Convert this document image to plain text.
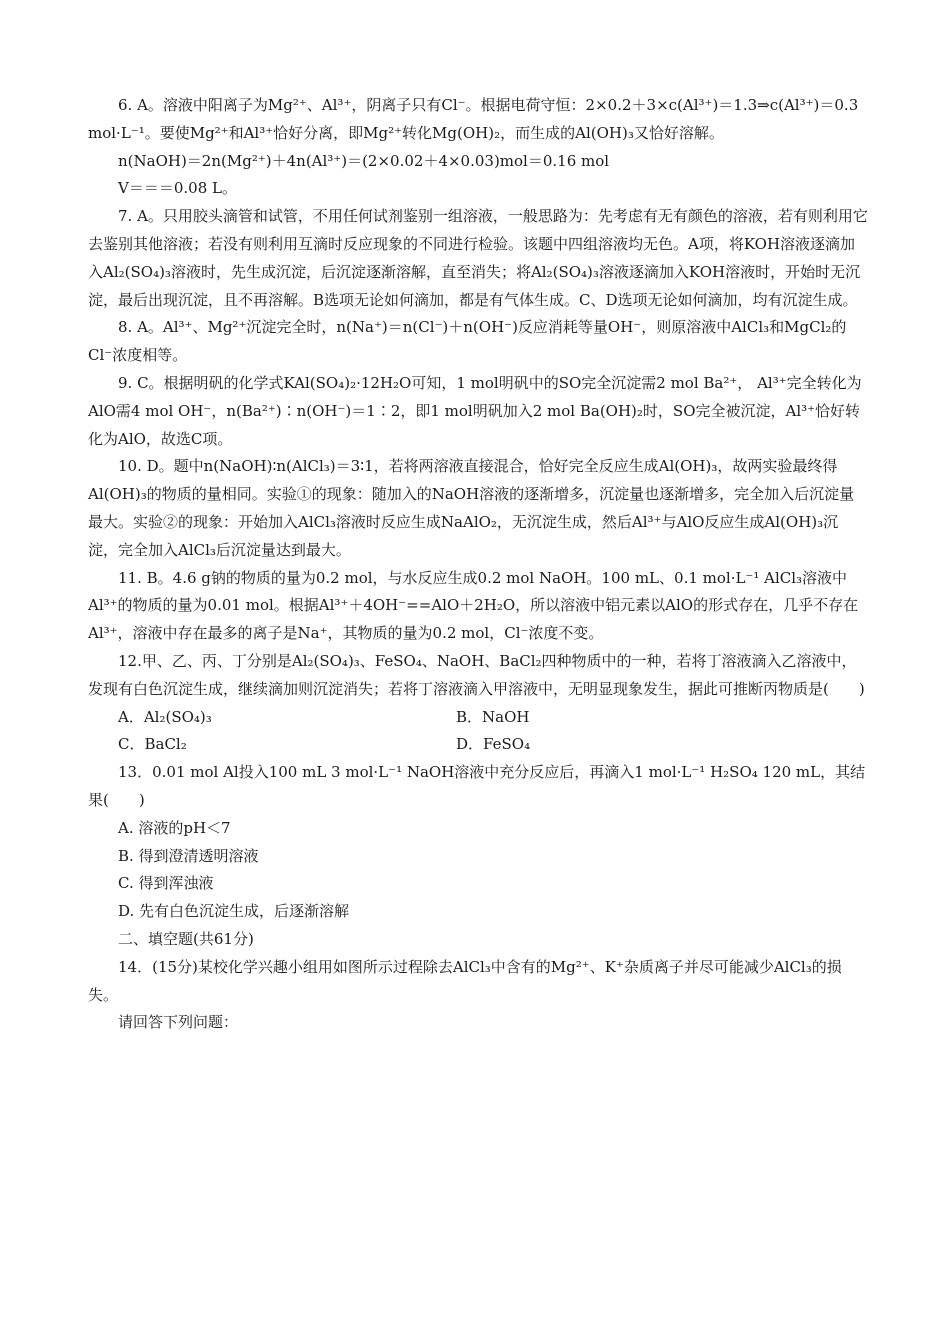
6. A。溶液中阳离子为Mg²⁺、Al³⁺，阴离子只有Cl⁻。根据电荷守恒：2×0.2＋3×c(Al³⁺)＝1.3⇒c(Al³⁺)＝0.3 mol·L⁻¹。要使Mg²⁺和Al³⁺恰好分离，即Mg²⁺转化Mg(OH)₂，而生成的Al(OH)₃又恰好溶解。

n(NaOH)＝2n(Mg²⁺)＋4n(Al³⁺)＝(2×0.02＋4×0.03)mol＝0.16 mol

V＝＝＝0.08 L。

7. A。只用胶头滴管和试管，不用任何试剂鉴别一组溶液，一般思路为：先考虑有无有颜色的溶液，若有则利用它去鉴别其他溶液；若没有则利用互滴时反应现象的不同进行检验。该题中四组溶液均无色。A项，将KOH溶液逐滴加入Al₂(SO₄)₃溶液时，先生成沉淀，后沉淀逐渐溶解，直至消失；将Al₂(SO₄)₃溶液逐滴加入KOH溶液时，开始时无沉淀，最后出现沉淀，且不再溶解。B选项无论如何滴加，都是有气体生成。C、D选项无论如何滴加，均有沉淀生成。

8. A。Al³⁺、Mg²⁺沉淀完全时，n(Na⁺)＝n(Cl⁻)＋n(OH⁻)反应消耗等量OH⁻，则原溶液中AlCl₃和MgCl₂的Cl⁻浓度相等。

9. C。根据明矾的化学式KAl(SO₄)₂·12H₂O可知，1 mol明矾中的SO完全沉淀需2 mol Ba²⁺， Al³⁺完全转化为AlO需4 mol OH⁻，n(Ba²⁺)∶n(OH⁻)＝1∶2，即1 mol明矾加入2 mol Ba(OH)₂时，SO完全被沉淀，Al³⁺恰好转化为AlO，故选C项。

10. D。题中n(NaOH)∶n(AlCl₃)＝3∶1，若将两溶液直接混合，恰好完全反应生成Al(OH)₃，故两实验最终得Al(OH)₃的物质的量相同。实验①的现象：随加入的NaOH溶液的逐渐增多，沉淀量也逐渐增多，完全加入后沉淀量最大。实验②的现象：开始加入AlCl₃溶液时反应生成NaAlO₂，无沉淀生成，然后Al³⁺与AlO反应生成Al(OH)₃沉淀，完全加入AlCl₃后沉淀量达到最大。

11. B。4.6 g钠的物质的量为0.2 mol，与水反应生成0.2 mol NaOH。100 mL、0.1 mol·L⁻¹ AlCl₃溶液中Al³⁺的物质的量为0.01 mol。根据Al³⁺＋4OH⁻==AlO＋2H₂O，所以溶液中铝元素以AlO的形式存在，几乎不存在Al³⁺，溶液中存在最多的离子是Na⁺，其物质的量为0.2 mol，Cl⁻浓度不变。

12.甲、乙、丙、丁分别是Al₂(SO₄)₃、FeSO₄、NaOH、BaCl₂四种物质中的一种，若将丁溶液滴入乙溶液中，发现有白色沉淀生成，继续滴加则沉淀消失；若将丁溶液滴入甲溶液中，无明显现象发生，据此可推断丙物质是(　　)

A．Al₂(SO₄)₃	B．NaOH
C．BaCl₂	D．FeSO₄

13．0.01 mol Al投入100 mL 3 mol·L⁻¹ NaOH溶液中充分反应后，再滴入1 mol·L⁻¹ H₂SO₄ 120 mL，其结果(　　)

A. 溶液的pH＜7
B. 得到澄清透明溶液
C. 得到浑浊液
D. 先有白色沉淀生成，后逐渐溶解

二、填空题(共61分)

14．(15分)某校化学兴趣小组用如图所示过程除去AlCl₃中含有的Mg²⁺、K⁺杂质离子并尽可能减少AlCl₃的损失。

请回答下列问题：
